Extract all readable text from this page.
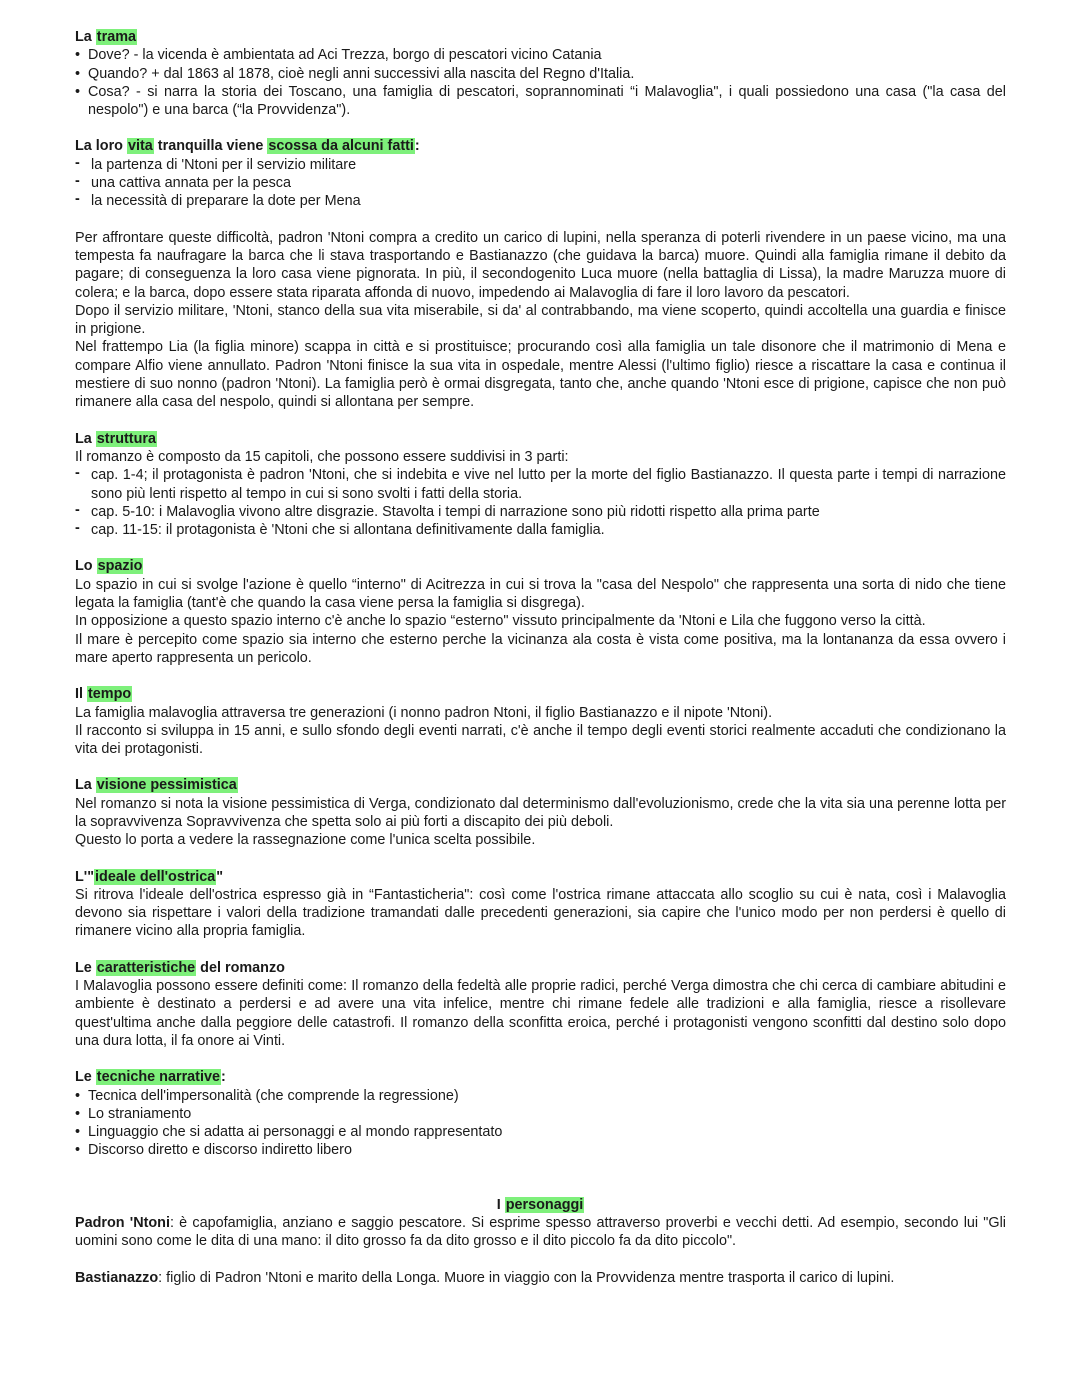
La trama
• Dove? - la vicenda è ambientata ad Aci Trezza, borgo di pescatori vicino Catania
• Quando? + dal 1863 al 1878, cioè negli anni successivi alla nascita del Regno d'Italia.
• Cosa? - si narra la storia dei Toscano, una famiglia di pescatori, soprannominati “i Malavoglia", i quali possiedono una casa ("la casa del nespolo") e una barca (“la Provvidenza").
La loro vita tranquilla viene scossa da alcuni fatti:
- la partenza di 'Ntoni per il servizio militare
- una cattiva annata per la pesca
- la necessità di preparare la dote per Mena

Per affrontare queste difficoltà, padron 'Ntoni compra a credito un carico di lupini, nella speranza di poterli rivendere in un paese vicino, ma una tempesta fa naufragare la barca che li stava trasportando e Bastianazzo (che guidava la barca) muore. Quindi alla famiglia rimane il debito da pagare; di conseguenza la loro casa viene pignorata. In più, il secondogenito Luca muore (nella battaglia di Lissa), la madre Maruzza muore di colera; e la barca, dopo essere stata riparata affonda di nuovo, impedendo ai Malavoglia di fare il loro lavoro da pescatori.

Dopo il servizio militare, 'Ntoni, stanco della sua vita miserabile, si da' al contrabbando, ma viene scoperto, quindi accoltella una guardia e finisce in prigione.

Nel frattempo Lia (la figlia minore) scappa in città e si prostituisce; procurando così alla famiglia un tale disonore che il matrimonio di Mena e compare Alfio viene annullato. Padron 'Ntoni finisce la sua vita in ospedale, mentre Alessi (l'ultimo figlio) riesce a riscattare la casa e continua il mestiere di suo nonno (padron 'Ntoni). La famiglia però è ormai disgregata, tanto che, anche quando 'Ntoni esce di prigione, capisce che non può rimanere alla casa del nespolo, quindi si allontana per sempre.

La struttura

Il romanzo è composto da 15 capitoli, che possono essere suddivisi in 3 parti:

- cap. 1-4; il protagonista è padron 'Ntoni, che si indebita e vive nel lutto per la morte del figlio Bastianazzo. Il questa parte i tempi di narrazione sono più lenti rispetto al tempo in cui si sono svolti i fatti della storia.
- cap. 5-10: i Malavoglia vivono altre disgrazie. Stavolta i tempi di narrazione sono più ridotti rispetto alla prima parte
- cap. 11-15: il protagonista è 'Ntoni che si allontana definitivamente dalla famiglia.
Lo spazio

Lo spazio in cui si svolge l'azione è quello “interno" di Acitrezza in cui si trova la "casa del Nespolo" che rappresenta una sorta di nido che tiene legata la famiglia (tant'è che quando la casa viene persa la famiglia si disgrega).

In opposizione a questo spazio interno c'è anche lo spazio “esterno" vissuto principalmente da 'Ntoni e Lila che fuggono verso la città.

Il mare è percepito come spazio sia interno che esterno perche la vicinanza ala costa è vista come positiva, ma la lontananza da essa ovvero i mare aperto rappresenta un pericolo.

Il tempo

La famiglia malavoglia attraversa tre generazioni (i nonno padron Ntoni, il figlio Bastianazzo e il nipote 'Ntoni).

Il racconto si sviluppa in 15 anni, e sullo sfondo degli eventi narrati, c'è anche il tempo degli eventi storici realmente accaduti che condizionano la vita dei protagonisti.

La visione pessimistica

Nel romanzo si nota la visione pessimistica di Verga, condizionato dal determinismo dall'evoluzionismo, crede che la vita sia una perenne lotta per la sopravvivenza Sopravvivenza che spetta solo ai più forti a discapito dei più deboli.

Questo lo porta a vedere la rassegnazione come l'unica scelta possibile.

L'"ideale dell'ostrica"

Si ritrova l'ideale dell'ostrica espresso già in “Fantasticheria": così come l'ostrica rimane attaccata allo scoglio su cui è nata, così i Malavoglia devono sia rispettare i valori della tradizione tramandati dalle precedenti generazioni, sia capire che l'unico modo per non perdersi è quello di rimanere vicino alla propria famiglia.

Le caratteristiche del romanzo

I Malavoglia possono essere definiti come: Il romanzo della fedeltà alle proprie radici, perché Verga dimostra che chi cerca di cambiare abitudini e ambiente è destinato a perdersi e ad avere una vita infelice, mentre chi rimane fedele alle tradizioni e alla famiglia, riesce a risollevare quest'ultima anche dalla peggiore delle catastrofi. Il romanzo della sconfitta eroica, perché i protagonisti vengono sconfitti dal destino solo dopo una dura lotta, il fa onore ai Vinti.

Le tecniche narrative:
• Tecnica dell'impersonalità (che comprende la regressione)
• Lo straniamento
• Linguaggio che si adatta ai personaggi e al mondo rappresentato
• Discorso diretto e discorso indiretto libero
I personaggi

Padron 'Ntoni: è capofamiglia, anziano e saggio pescatore. Si esprime spesso attraverso proverbi e vecchi detti. Ad esempio, secondo lui "Gli uomini sono come le dita di una mano: il dito grosso fa da dito grosso e il dito piccolo fa da dito piccolo".

Bastianazzo: figlio di Padron 'Ntoni e marito della Longa. Muore in viaggio con la Provvidenza mentre trasporta il carico di lupini.
